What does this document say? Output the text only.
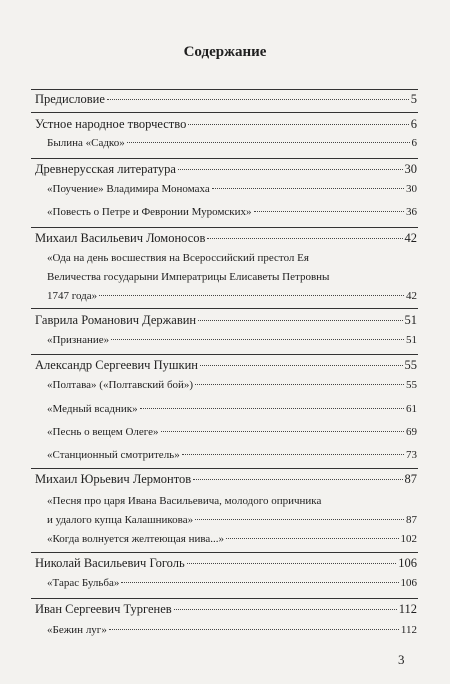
Содержание
Предисловие	5
Устное народное творчество	6
Былина «Садко»	6
Древнерусская литература	30
«Поучение» Владимира Мономаха	30
«Повесть о Петре и Февронии Муромских»	36
Михаил Васильевич Ломоносов	42
«Ода на день восшествия на Всероссийский престол Ея
Величества государыни Императрицы Елисаветы Петровны
1747 года»	42
Гаврила Романович Державин	51
«Признание»	51
Александр Сергеевич Пушкин	55
«Полтава» («Полтавский бой»)	55
«Медный всадник»	61
«Песнь о вещем Олеге»	69
«Станционный смотритель»	73
Михаил Юрьевич Лермонтов	87
«Песня про царя Ивана Васильевича, молодого опричника
и удалого купца Калашникова»	87
«Когда волнуется желтеющая нива...»	102
Николай Васильевич Гоголь	106
«Тарас Бульба»	106
Иван Сергеевич Тургенев	112
«Бежин луг»	112
3
